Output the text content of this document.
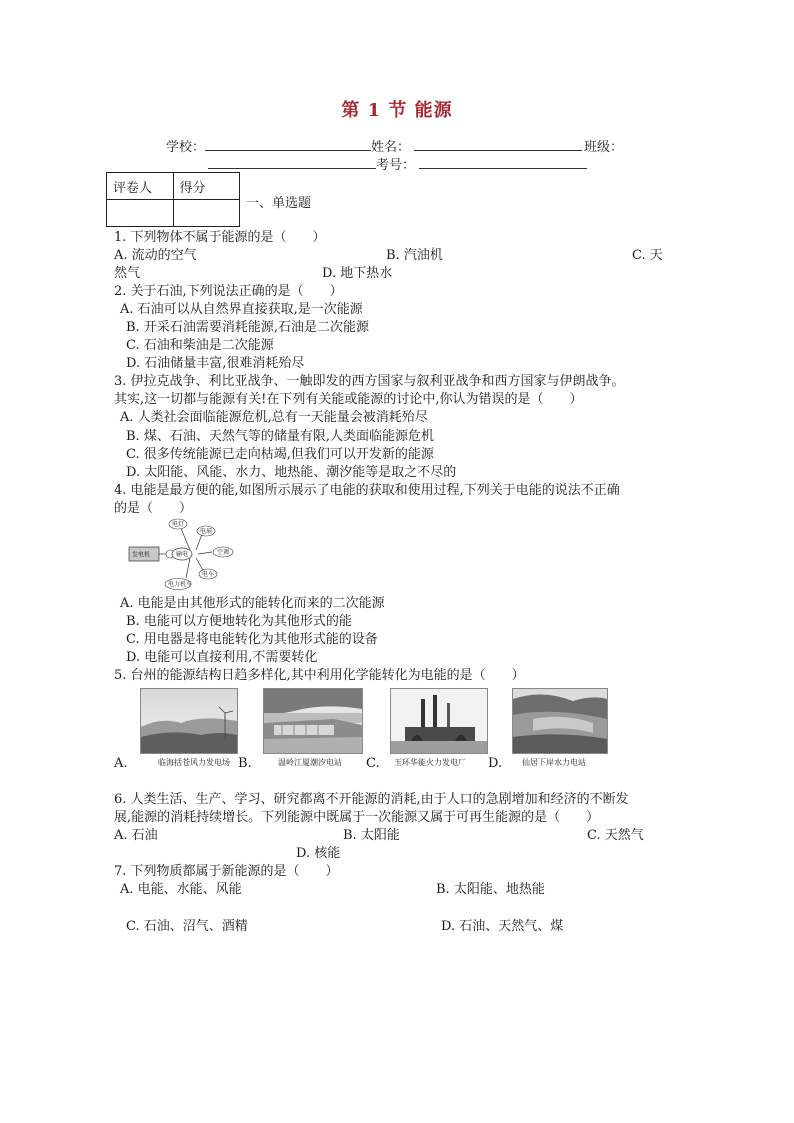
第 1 节 能源
学校：	姓名：	班级：
考号：
评卷人	得分

一、单选题
1. 下列物体不属于能源的是（　　）
A. 流动的空气	B. 汽油机	C. 天
然气	D. 地下热水
2. 关于石油,下列说法正确的是（　　）
A. 石油可以从自然界直接获取,是一次能源
B. 开采石油需要消耗能源,石油是二次能源
C. 石油和柴油是二次能源
D. 石油储量丰富,很难消耗殆尽
3. 伊拉克战争、利比亚战争、一触即发的西方国家与叙利亚战争和西方国家与伊朗战争。
其实,这一切都与能源有关!在下列有关能或能源的讨论中,你认为错误的是（　　）
A. 人类社会面临能源危机,总有一天能量会被消耗殆尽
B. 煤、石油、天然气等的储量有限,人类面临能源危机
C. 很多传统能源已走向枯竭,但我们可以开发新的能源
D. 太阳能、风能、水力、地热能、潮汐能等是取之不尽的
4. 电能是最方便的能,如图所示展示了电能的获取和使用过程,下列关于电能的说法不正确
的是（　　）
发电机	输电
电灯
电扇
空调
电车
电力机车
A. 电能是由其他形式的能转化而来的二次能源
B. 电能可以方便地转化为其他形式的能
C. 用电器是将电能转化为其他形式能的设备
D. 电能可以直接利用,不需要转化
5. 台州的能源结构日趋多样化,其中利用化学能转化为电能的是（　　）
临海括苍风力发电场	温岭江厦潮汐电站	玉环华能火力发电厂	仙居下岸水力电站
A.	B.	C.	D.
6. 人类生活、生产、学习、研究都离不开能源的消耗,由于人口的急剧增加和经济的不断发
展,能源的消耗持续增长。下列能源中既属于一次能源又属于可再生能源的是（　　）
A. 石油	B. 太阳能	C. 天然气
D. 核能
7. 下列物质都属于新能源的是（　　）
A. 电能、水能、风能	B. 太阳能、地热能
C. 石油、沼气、酒精	D. 石油、天然气、煤
